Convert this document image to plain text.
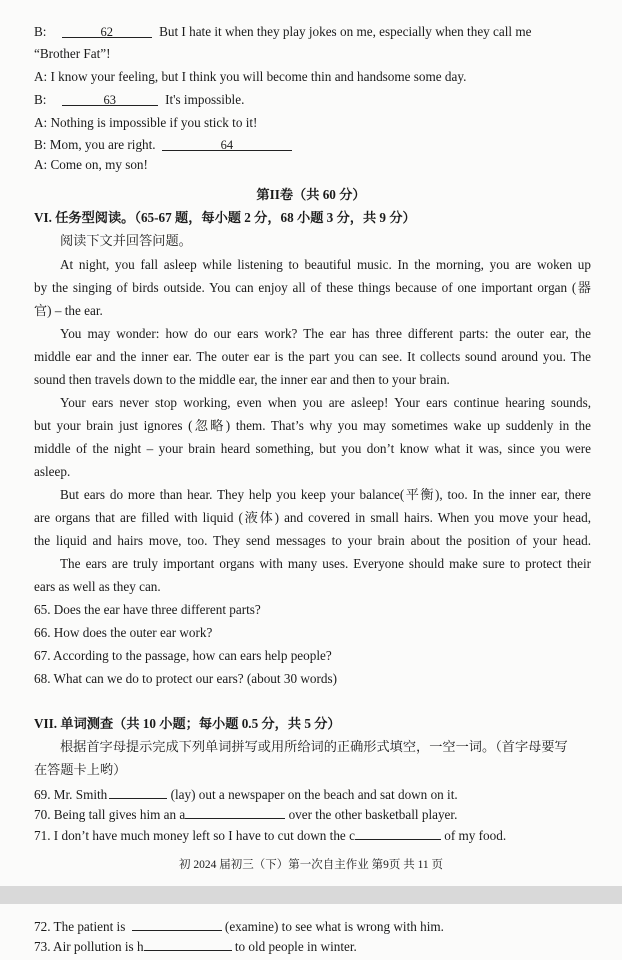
B:	62	But I hate it when they play jokes on me, especially when they call me
“Brother Fat”!
A: I know your feeling, but I think you will become thin and handsome some day.
B:	63	It's impossible.
A: Nothing is impossible if you stick to it!
B: Mom, you are right.	64
A: Come on, my son!
第II卷（共 60 分）
VI. 任务型阅读。（65-67 题，每小题 2 分，68 小题 3 分，共 9 分）
阅读下文并回答问题。
At night, you fall asleep while listening to beautiful music. In the morning, you are woken up
by the singing of birds outside. You can enjoy all of these things because of one important organ (器
官) – the ear.
You may wonder: how do our ears work? The ear has three different parts: the outer ear, the
middle ear and the inner ear. The outer ear is the part you can see. It collects sound around you. The
sound then travels down to the middle ear, the inner ear and then to your brain.
Your ears never stop working, even when you are asleep! Your ears continue hearing sounds,
but your brain just ignores (忽略) them. That’s why you may sometimes wake up suddenly in the
middle of the night – your brain heard something, but you don’t know what it was, since you were
asleep.
But ears do more than hear. They help you keep your balance(平衡), too. In the inner ear, there
are organs that are filled with liquid (液体) and covered in small hairs. When you move your head,
the liquid and hairs move, too. They send messages to your brain about the position of your head.
The ears are truly important organs with many uses. Everyone should make sure to protect their
ears as well as they can.
65. Does the ear have three different parts?
66. How does the outer ear work?
67. According to the passage, how can ears help people?
68. What can we do to protect our ears? (about 30 words)
VII. 单词测查（共 10 小题；每小题 0.5 分，共 5 分）
根据首字母提示完成下列单词拼写或用所给词的正确形式填空，一空一词。（首字母要写
在答题卡上哟）
69. Mr. Smith	(lay) out a newspaper on the beach and sat down on it.
70. Being tall gives him an a	over the other basketball player.
71. I don’t have much money left so I have to cut down the c	of my food.
初 2024 届初三（下）第一次自主作业 第9页 共 11 页
72. The patient is	(examine) to see what is wrong with him.
73. Air pollution is h	to old people in winter.
